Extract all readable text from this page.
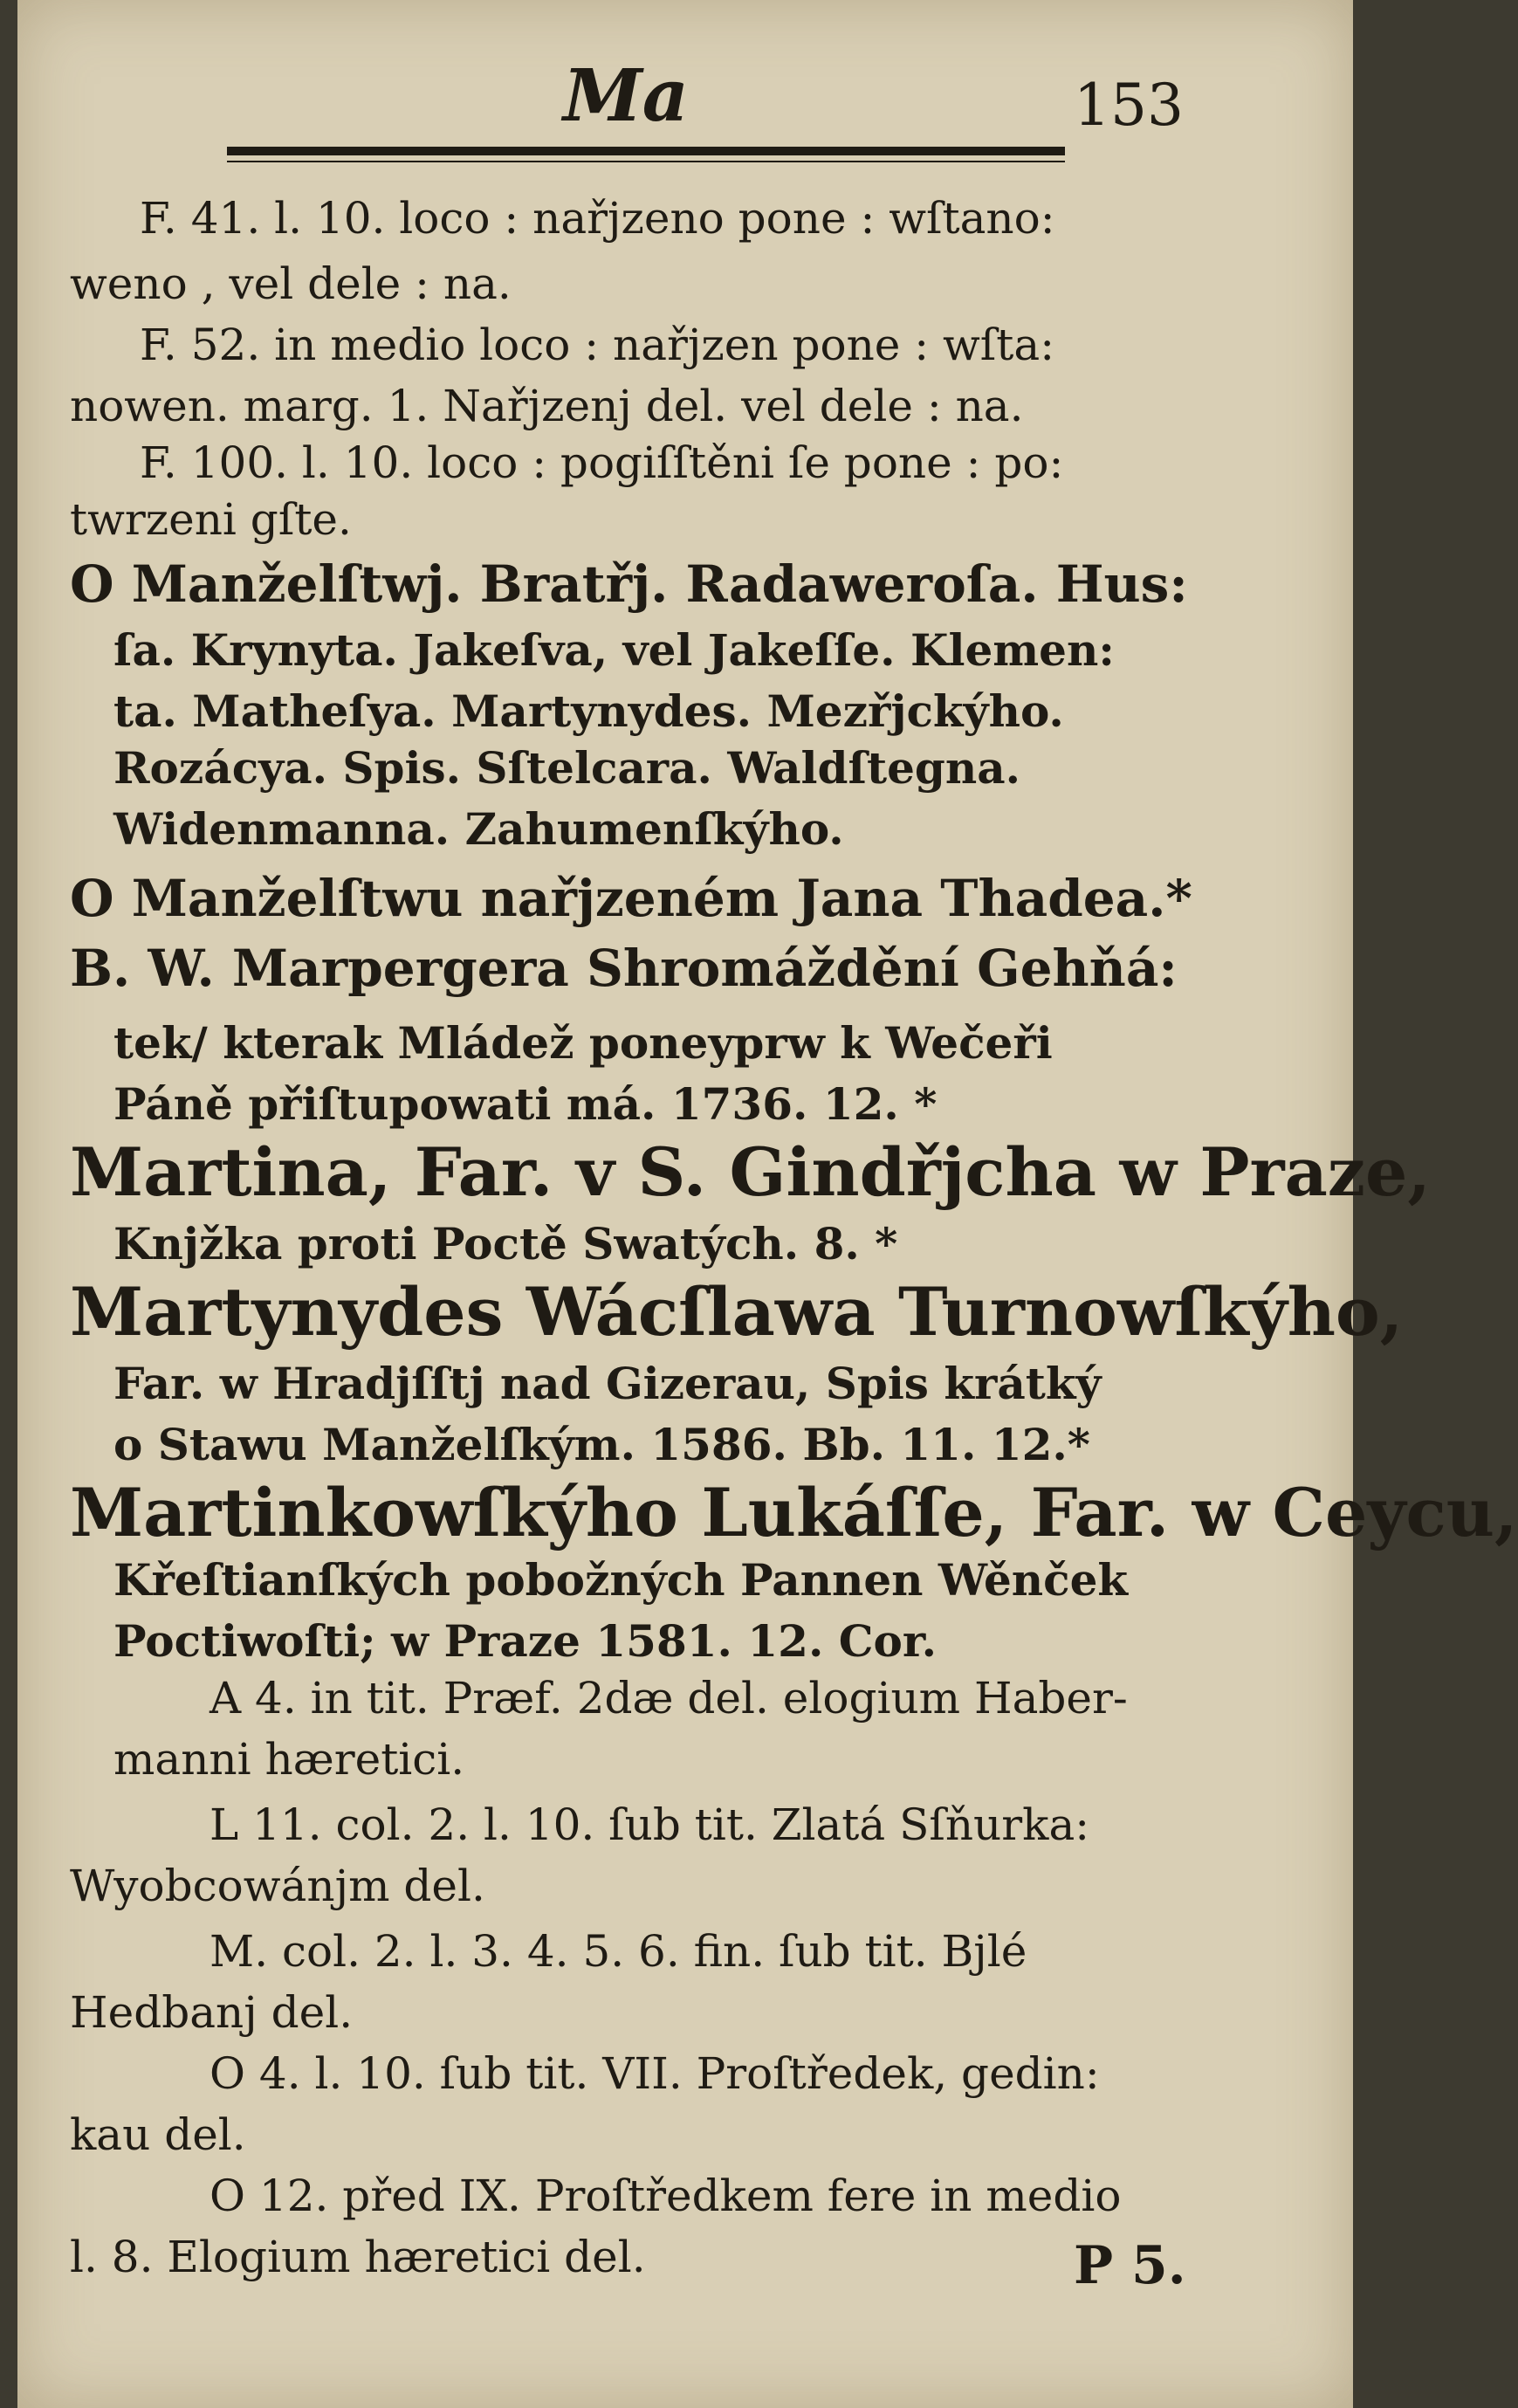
Ma	153
F. 41. l. 10. loco : nařjzeno pone : wſtano:
weno , vel dele : na.
F. 52. in medio loco : nařjzen pone : wſta:
nowen. marg. 1. Nařjzenj del. vel dele : na.
F. 100. l. 10. loco : pogiſſtěni ſe pone : po:
twrzeni gſte.
O Manželſtwj. Bratřj. Radaweroſa. Hus:
ſa. Krynyta. Jakeſva, vel Jakeſſe. Klemen:
ta. Matheſya. Martynydes. Mezřjckýho.
Rozácya. Spis. Sſtelcara. Waldſtegna.
Widenmanna. Zahumenſkýho.
O Manželſtwu nařjzeném Jana Thadea.*
B. W. Marpergera Shromáždění Gehňá:
tek/ kterak Mládež poneyprw k Wečeři
Páně přiſtupowati má. 1736. 12. *
Martina, Far. v S. Gindřjcha w Praze,
Knjžka proti Poctě Swatých. 8. *
Martynydes Wácſlawa Turnowſkýho,
Far. w Hradjſſtj nad Gizerau, Spis krátký
o Stawu Manželſkým. 1586. Bb. 11. 12.*
Martinkowſkýho Lukáſſe, Far. w Ceycu,
Křeſtianſkých pobožných Pannen Wěnček
Poctiwoſti; w Praze 1581. 12. Cor.
A 4. in tit. Præf. 2dæ del. elogium Haber-
manni hæretici.
L 11. col. 2. l. 10. ſub tit. Zlatá Sſňurka:
Wyobcowánjm del.
M. col. 2. l. 3. 4. 5. 6. fin. ſub tit. Bjlé
Hedbanj del.
O 4. l. 10. ſub tit. VII. Proſtředek, gedin:
kau del.
O 12. před IX. Proſtředkem fere in medio
l. 8. Elogium hæretici del.	P 5.
